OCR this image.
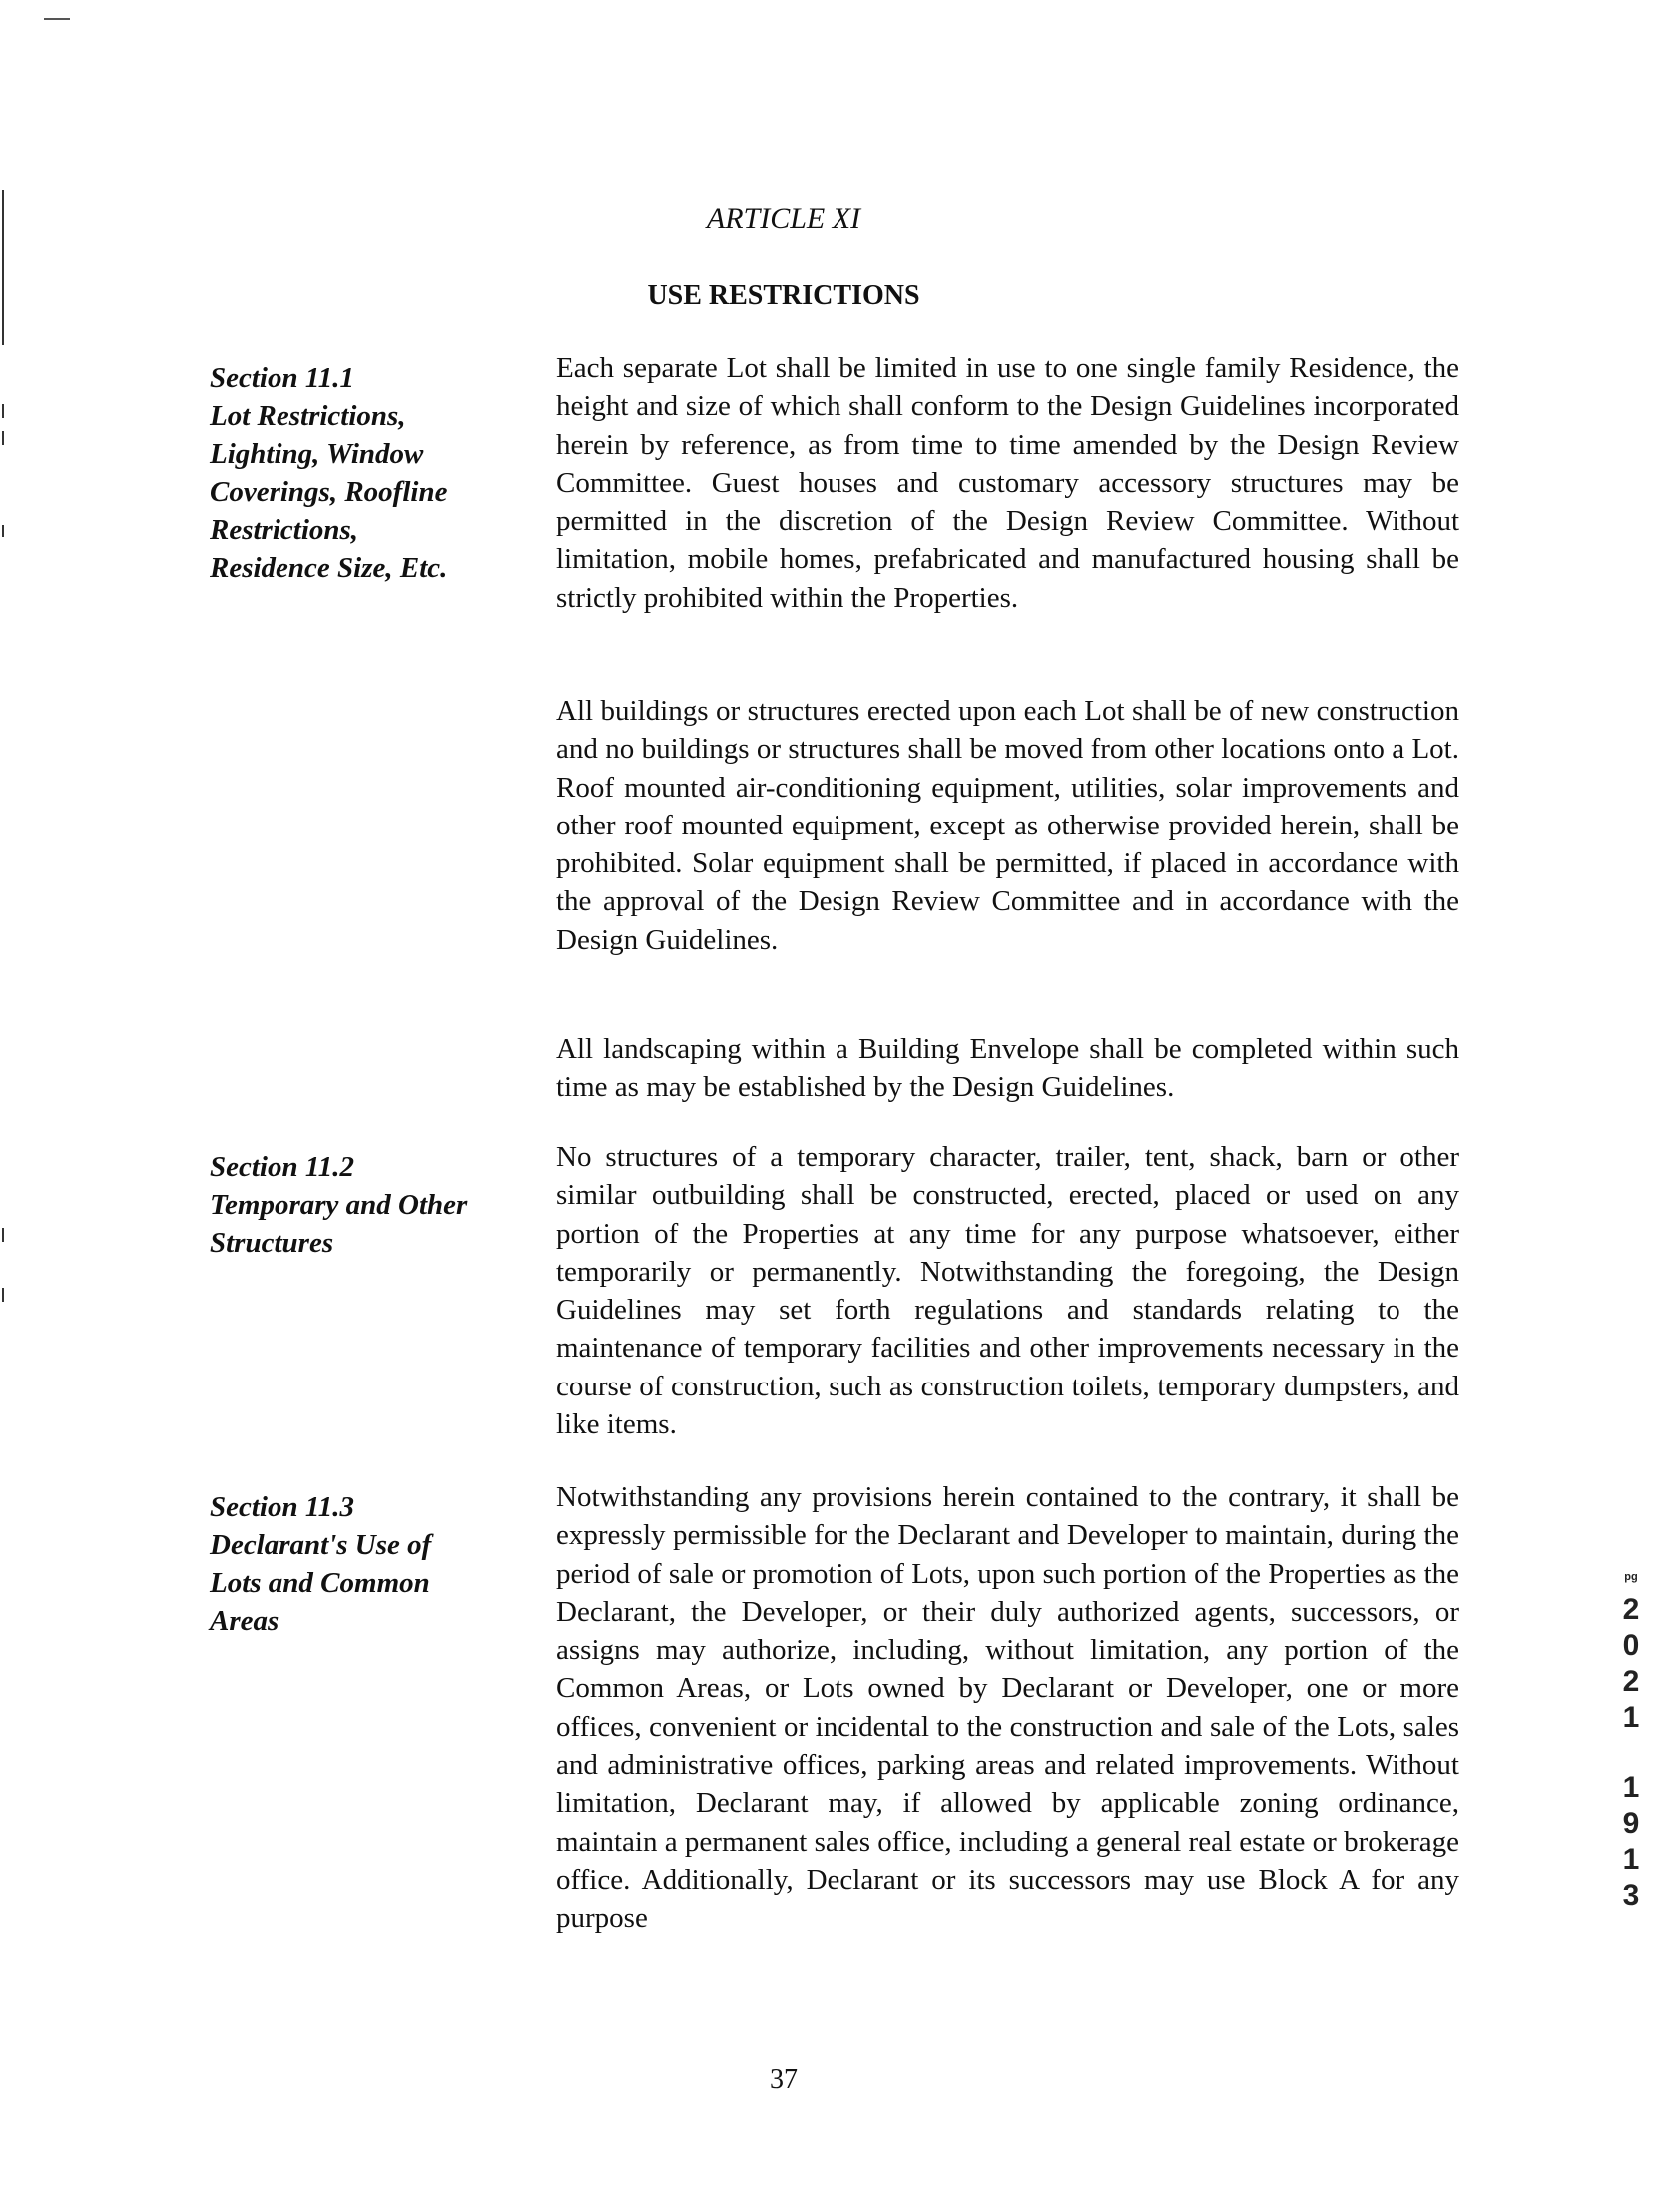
ARTICLE XI
USE RESTRICTIONS
Section 11.1
Lot Restrictions,
Lighting, Window
Coverings, Roofline
Restrictions,
Residence Size, Etc.

Each separate Lot shall be limited in use to one single family Residence, the height and size of which shall conform to the Design Guidelines incorporated herein by reference, as from time to time amended by the Design Review Committee. Guest houses and customary accessory structures may be permitted in the discretion of the Design Review Committee. Without limitation, mobile homes, prefabricated and manufactured housing shall be strictly prohibited within the Properties.

All buildings or structures erected upon each Lot shall be of new construction and no buildings or structures shall be moved from other locations onto a Lot. Roof mounted air-conditioning equipment, utilities, solar improvements and other roof mounted equipment, except as otherwise provided herein, shall be prohibited. Solar equipment shall be permitted, if placed in accordance with the approval of the Design Review Committee and in accordance with the Design Guidelines.

All landscaping within a Building Envelope shall be completed within such time as may be established by the Design Guidelines.

Section 11.2
Temporary and Other
Structures

No structures of a temporary character, trailer, tent, shack, barn or other similar outbuilding shall be constructed, erected, placed or used on any portion of the Properties at any time for any purpose whatsoever, either temporarily or permanently. Notwithstanding the foregoing, the Design Guidelines may set forth regulations and standards relating to the maintenance of temporary facilities and other improvements necessary in the course of construction, such as construction toilets, temporary dumpsters, and like items.

Section 11.3
Declarant's Use of
Lots and Common
Areas

Notwithstanding any provisions herein contained to the contrary, it shall be expressly permissible for the Declarant and Developer to maintain, during the period of sale or promotion of Lots, upon such portion of the Properties as the Declarant, the Developer, or their duly authorized agents, successors, or assigns may authorize, including, without limitation, any portion of the Common Areas, or Lots owned by Declarant or Developer, one or more offices, convenient or incidental to the construction and sale of the Lots, sales and administrative offices, parking areas and related improvements. Without limitation, Declarant may, if allowed by applicable zoning ordinance, maintain a permanent sales office, including a general real estate or brokerage office. Additionally, Declarant or its successors may use Block A for any purpose

37
pg
2
0
2
1
1
9
1
3
